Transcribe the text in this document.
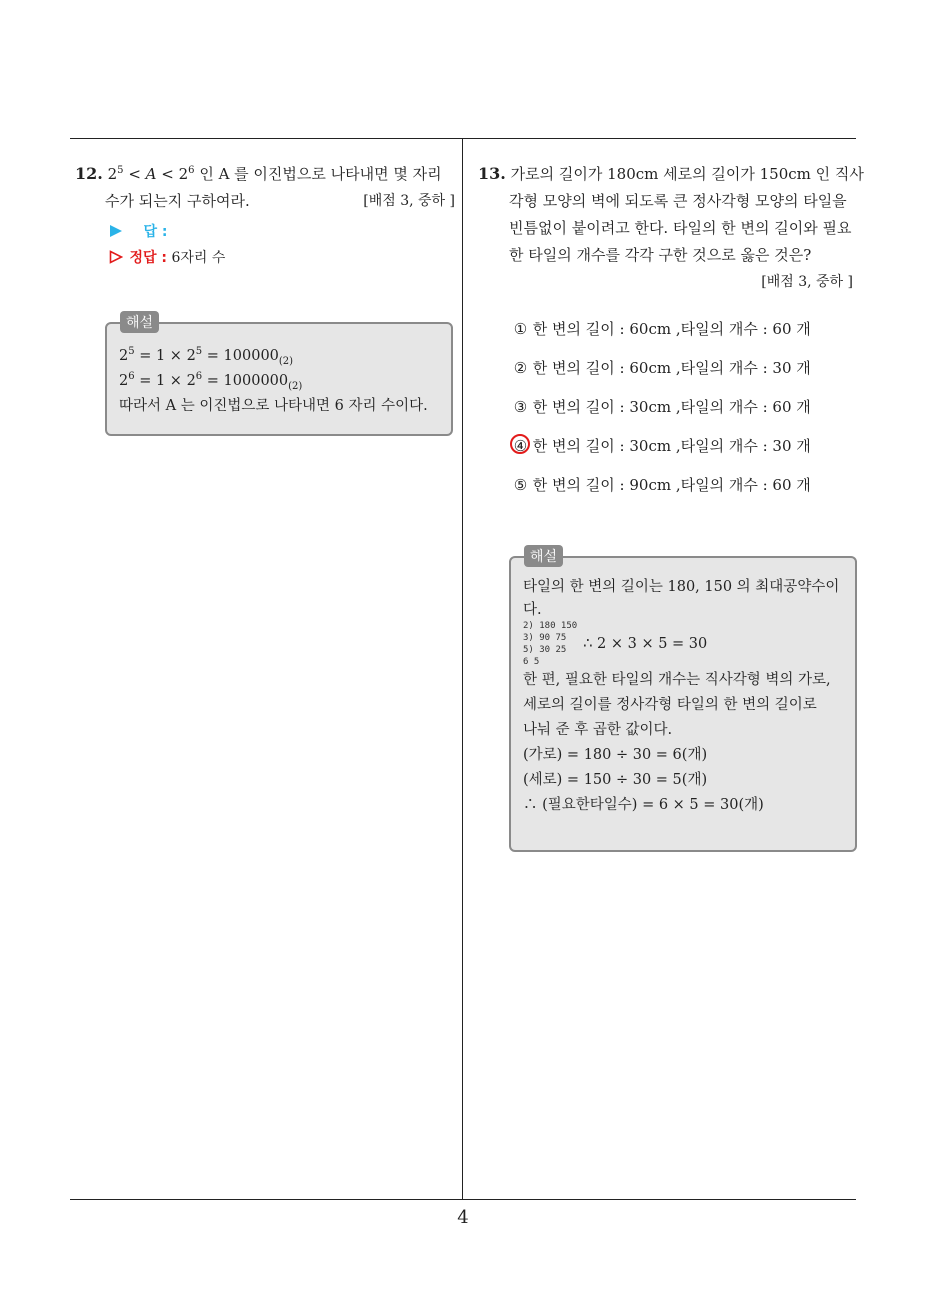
12. $2^5 < A < 2^6$ 인 A 를 이진법으로 나타내면 몇 자리
수가 되는지 구하여라.	[배점 3, 중하 ]
답 :
정답 : 6자리 수
해설
$2^5 = 1 \times 2^5 = 100000_{(2)}$
$2^6 = 1 \times 2^6 = 1000000_{(2)}$
따라서 A 는 이진법으로 나타내면 6 자리 수이다.
13. 가로의 길이가 180cm 세로의 길이가 150cm 인 직사
각형 모양의 벽에 되도록 큰 정사각형 모양의 타일을
빈틈없이 붙이려고 한다. 타일의 한 변의 길이와 필요
한 타일의 개수를 각각 구한 것으로 옳은 것은?
[배점 3, 중하 ]
① 한 변의 길이 : 60cm ,타일의 개수 : 60 개
② 한 변의 길이 : 60cm ,타일의 개수 : 30 개
③ 한 변의 길이 : 30cm ,타일의 개수 : 60 개
④ 한 변의 길이 : 30cm ,타일의 개수 : 30 개
⑤ 한 변의 길이 : 90cm ,타일의 개수 : 60 개
해설
타일의 한 변의 길이는 180, 150 의 최대공약수이
다.
2) 180 150
3) 90 75
5) 30 25
6 5
∴ 2 × 3 × 5 = 30
한 편, 필요한 타일의 개수는 직사각형 벽의 가로,
세로의 길이를 정사각형 타일의 한 변의 길이로
나눠 준 후 곱한 값이다.
(가로) = 180 ÷ 30 = 6(개)
(세로) = 150 ÷ 30 = 5(개)
∴ (필요한타일수) = 6 × 5 = 30(개)
4
